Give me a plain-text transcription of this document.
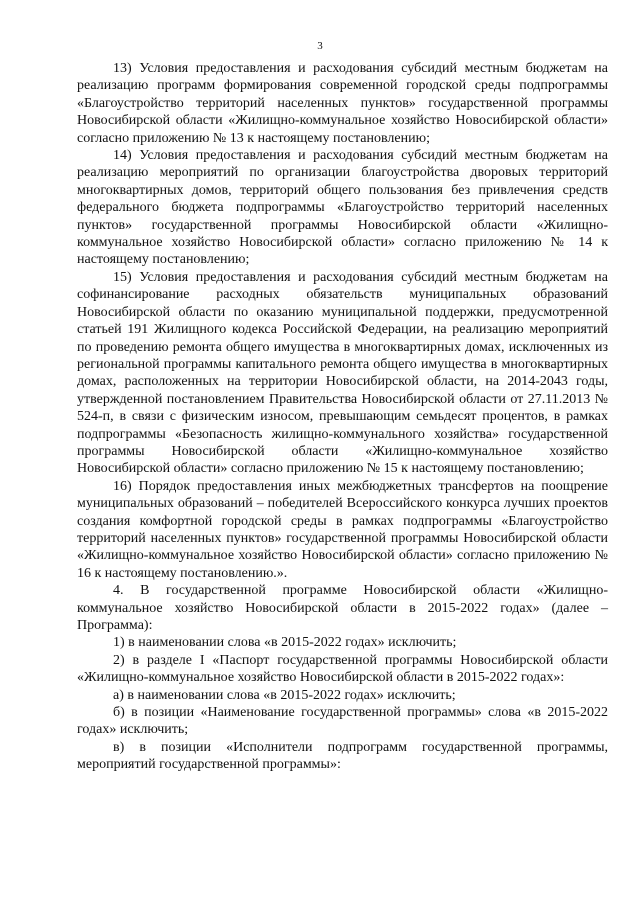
3

13) Условия предоставления и расходования субсидий местным бюджетам на реализацию программ формирования современной городской среды подпрограммы «Благоустройство территорий населенных пунктов» государственной программы Новосибирской области «Жилищно-коммунальное хозяйство Новосибирской области» согласно приложению № 13 к настоящему постановлению;

14) Условия предоставления и расходования субсидий местным бюджетам на реализацию мероприятий по организации благоустройства дворовых территорий многоквартирных домов, территорий общего пользования без привлечения средств федерального бюджета подпрограммы «Благоустройство территорий населенных пунктов» государственной программы Новосибирской области «Жилищно-коммунальное хозяйство Новосибирской области» согласно приложению № 14 к настоящему постановлению;

15) Условия предоставления и расходования субсидий местным бюджетам на софинансирование расходных обязательств муниципальных образований Новосибирской области по оказанию муниципальной поддержки, предусмотренной статьей 191 Жилищного кодекса Российской Федерации, на реализацию мероприятий по проведению ремонта общего имущества в многоквартирных домах, исключенных из региональной программы капитального ремонта общего имущества в многоквартирных домах, расположенных на территории Новосибирской области, на 2014-2043 годы, утвержденной постановлением Правительства Новосибирской области от 27.11.2013 № 524-п, в связи с физическим износом, превышающим семьдесят процентов, в рамках подпрограммы «Безопасность жилищно-коммунального хозяйства» государственной программы Новосибирской области «Жилищно-коммунальное хозяйство Новосибирской области» согласно приложению № 15 к настоящему постановлению;

16) Порядок предоставления иных межбюджетных трансфертов на поощрение муниципальных образований – победителей Всероссийского конкурса лучших проектов создания комфортной городской среды в рамках подпрограммы «Благоустройство территорий населенных пунктов» государственной программы Новосибирской области «Жилищно-коммунальное хозяйство Новосибирской области» согласно приложению № 16 к настоящему постановлению.».

4. В государственной программе Новосибирской области «Жилищно-коммунальное хозяйство Новосибирской области в 2015-2022 годах» (далее – Программа):

1) в наименовании слова «в 2015-2022 годах» исключить;

2) в разделе I «Паспорт государственной программы Новосибирской области «Жилищно-коммунальное хозяйство Новосибирской области в 2015-2022 годах»:

а) в наименовании слова «в 2015-2022 годах» исключить;

б) в позиции «Наименование государственной программы» слова «в 2015-2022 годах» исключить;

в) в позиции «Исполнители подпрограмм государственной программы, мероприятий государственной программы»:
